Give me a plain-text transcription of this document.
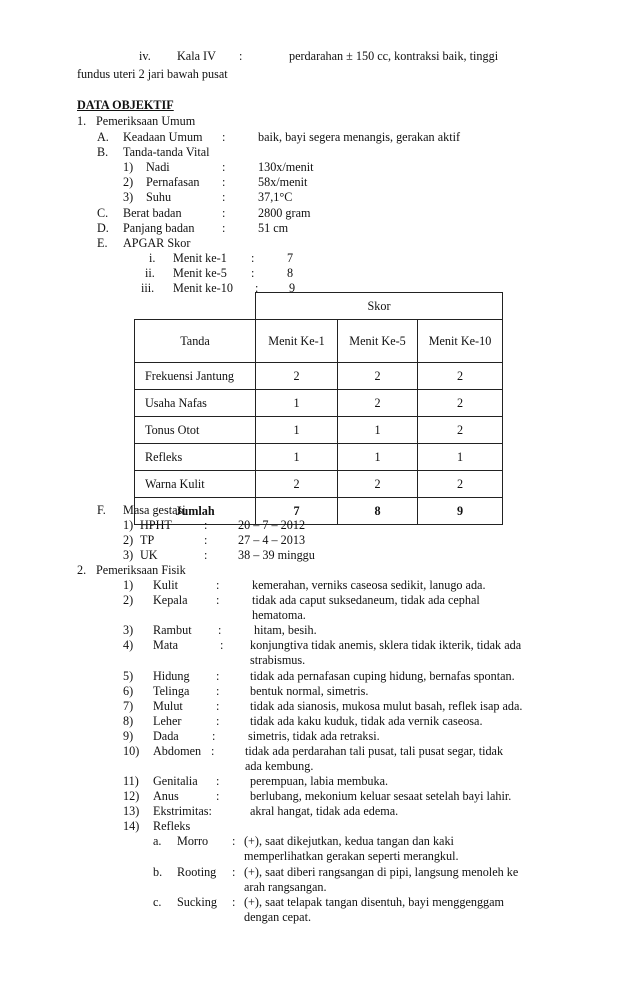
iv. Kala IV :	perdarahan ± 150 cc, kontraksi baik, tinggi
fundus uteri 2 jari bawah pusat
DATA OBJEKTIF
1. Pemeriksaan Umum
A. Keadaan Umum :	baik, bayi segera menangis, gerakan aktif
B. Tanda-tanda Vital
1) Nadi	:	130x/menit
2) Pernafasan :	58x/menit
3) Suhu	:	37,1°C
C. Berat badan	:	2800 gram
D. Panjang badan :	51 cm
E. APGAR Skor
i. Menit ke-1 :	7
ii. Menit ke-5 :	8
iii. Menit ke-10 :	9
	Skor		
Tanda	Menit Ke-1	Menit Ke-5	Menit Ke-10
Frekuensi Jantung	2	2	2
Usaha Nafas	1	2	2
Tonus Otot	1	1	2
Refleks	1	1	1
Warna Kulit	2	2	2
Jumlah	7	8	9
F. Masa gestasi
1) HPHT	:	20 – 7 – 2012
2) TP	:	27 – 4 – 2013
3) UK	:	38 – 39 minggu
2. Pemeriksaan Fisik
1) Kulit	:	kemerahan, verniks caseosa sedikit, lanugo ada.
2) Kepala :	tidak ada caput suksedaneum, tidak ada cephal
hematoma.
3) Rambut :	hitam, besih.
4) Mata	: konjungtiva tidak anemis, sklera tidak ikterik, tidak ada
strabismus.
5) Hidung :	tidak ada pernafasan cuping hidung, bernafas spontan.
6) Telinga :	bentuk normal, simetris.
7) Mulut	:	tidak ada sianosis, mukosa mulut basah, reflek isap ada.
8) Leher	:	tidak ada kaku kuduk, tidak ada vernik caseosa.
9) Dada	:	simetris, tidak ada retraksi.
10) Abdomen :	tidak ada perdarahan tali pusat, tali pusat segar, tidak
ada kembung.
11) Genitalia :	perempuan, labia membuka.
12) Anus	:	berlubang, mekonium keluar sesaat setelah bayi lahir.
13) Ekstrimitas:	akral hangat, tidak ada edema.
14) Refleks
a. Morro : (+), saat dikejutkan, kedua tangan dan kaki
memperlihatkan gerakan seperti merangkul.
b. Rooting : (+), saat diberi rangsangan di pipi, langsung menoleh ke
arah rangsangan.
c. Sucking : (+), saat telapak tangan disentuh, bayi menggenggam
dengan cepat.
